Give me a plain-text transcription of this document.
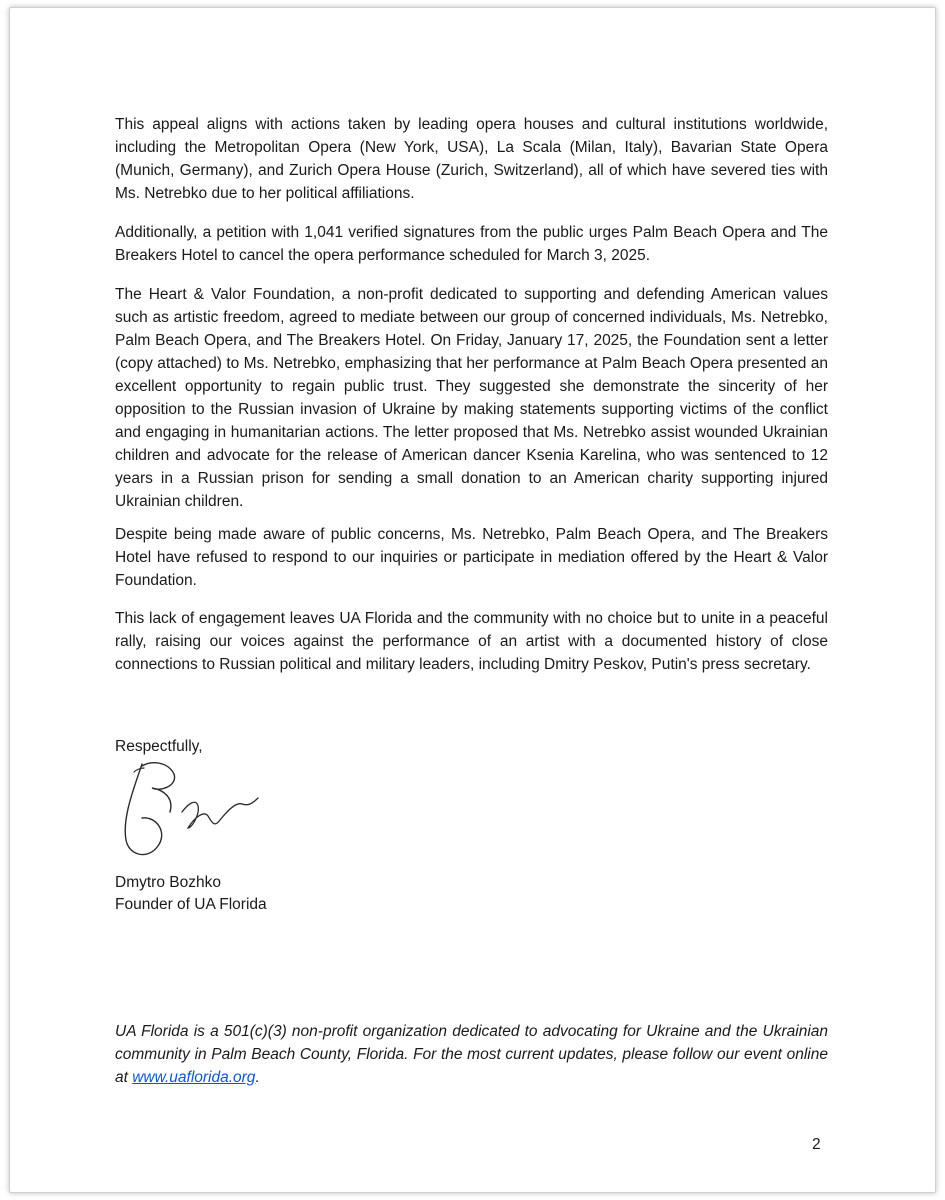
This appeal aligns with actions taken by leading opera houses and cultural institutions worldwide, including the Metropolitan Opera (New York, USA), La Scala (Milan, Italy), Bavarian State Opera (Munich, Germany), and Zurich Opera House (Zurich, Switzerland), all of which have severed ties with Ms. Netrebko due to her political affiliations.

Additionally, a petition with 1,041 verified signatures from the public urges Palm Beach Opera and The Breakers Hotel to cancel the opera performance scheduled for March 3, 2025.

The Heart & Valor Foundation, a non-profit dedicated to supporting and defending American values such as artistic freedom, agreed to mediate between our group of concerned individuals, Ms. Netrebko, Palm Beach Opera, and The Breakers Hotel. On Friday, January 17, 2025, the Foundation sent a letter (copy attached) to Ms. Netrebko, emphasizing that her performance at Palm Beach Opera presented an excellent opportunity to regain public trust. They suggested she demonstrate the sincerity of her opposition to the Russian invasion of Ukraine by making statements supporting victims of the conflict and engaging in humanitarian actions. The letter proposed that Ms. Netrebko assist wounded Ukrainian children and advocate for the release of American dancer Ksenia Karelina, who was sentenced to 12 years in a Russian prison for sending a small donation to an American charity supporting injured Ukrainian children.

Despite being made aware of public concerns, Ms. Netrebko, Palm Beach Opera, and The Breakers Hotel have refused to respond to our inquiries or participate in mediation offered by the Heart & Valor Foundation.

This lack of engagement leaves UA Florida and the community with no choice but to unite in a peaceful rally, raising our voices against the performance of an artist with a documented history of close connections to Russian political and military leaders, including Dmitry Peskov, Putin's press secretary.

Respectfully,

Dmytro Bozhko

Founder of UA Florida

UA Florida is a 501(c)(3) non-profit organization dedicated to advocating for Ukraine and the Ukrainian community in Palm Beach County, Florida. For the most current updates, please follow our event online at www.uaflorida.org.

2
